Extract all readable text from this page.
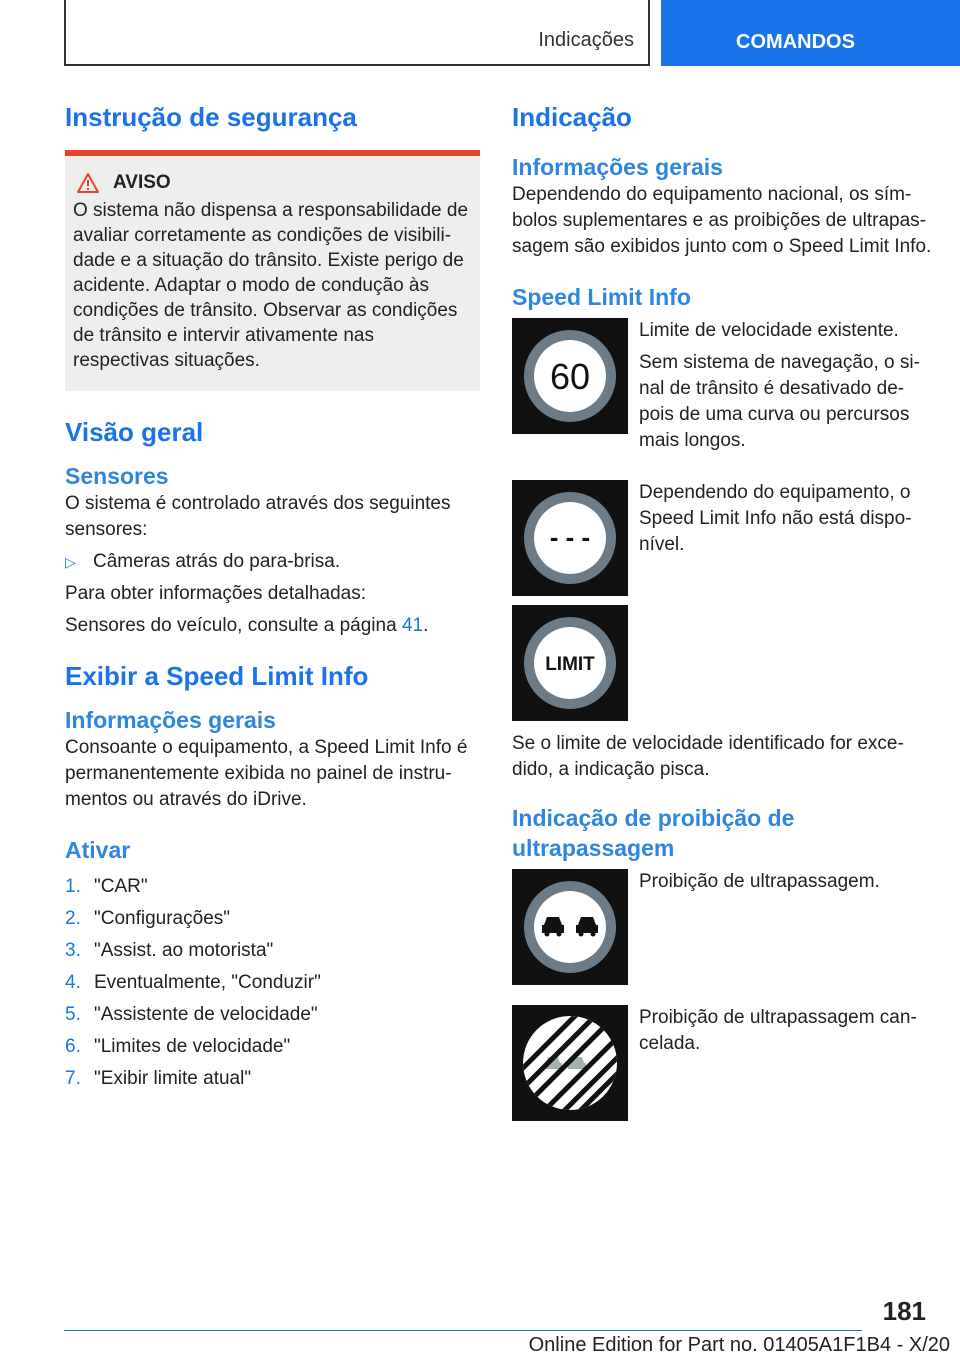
Indicações	COMANDOS
Instrução de segurança
AVISO

O sistema não dispensa a responsabilidade de avaliar corretamente as condições de visibilidade e a situação do trânsito. Existe perigo de acidente. Adaptar o modo de condução às condições de trânsito. Observar as condições de trânsito e intervir ativamente nas respectivas situações.

Visão geral
Sensores

O sistema é controlado através dos seguintes sensores:

▷ Câmeras atrás do para-brisa.

Para obter informações detalhadas:

Sensores do veículo, consulte a página 41.

Exibir a Speed Limit Info
Informações gerais

Consoante o equipamento, a Speed Limit Info é permanentemente exibida no painel de instrumentos ou através do iDrive.

Ativar
1. "CAR"
2. "Configurações"
3. "Assist. ao motorista"
4. Eventualmente, "Conduzir"
5. "Assistente de velocidade"
6. "Limites de velocidade"
7. "Exibir limite atual"
Indicação
Informações gerais

Dependendo do equipamento nacional, os símbolos suplementares e as proibições de ultrapassagem são exibidos junto com o Speed Limit Info.

Speed Limit Info
60

Limite de velocidade existente.

Sem sistema de navegação, o sinal de trânsito é desativado depois de uma curva ou percursos mais longos.

- - -

Dependendo do equipamento, o Speed Limit Info não está disponível.

LIMIT

Se o limite de velocidade identificado for excedido, a indicação pisca.

Indicação de proibição de ultrapassagem

Proibição de ultrapassagem.

Proibição de ultrapassagem cancelada.

181
Online Edition for Part no. 01405A1F1B4 - X/20
